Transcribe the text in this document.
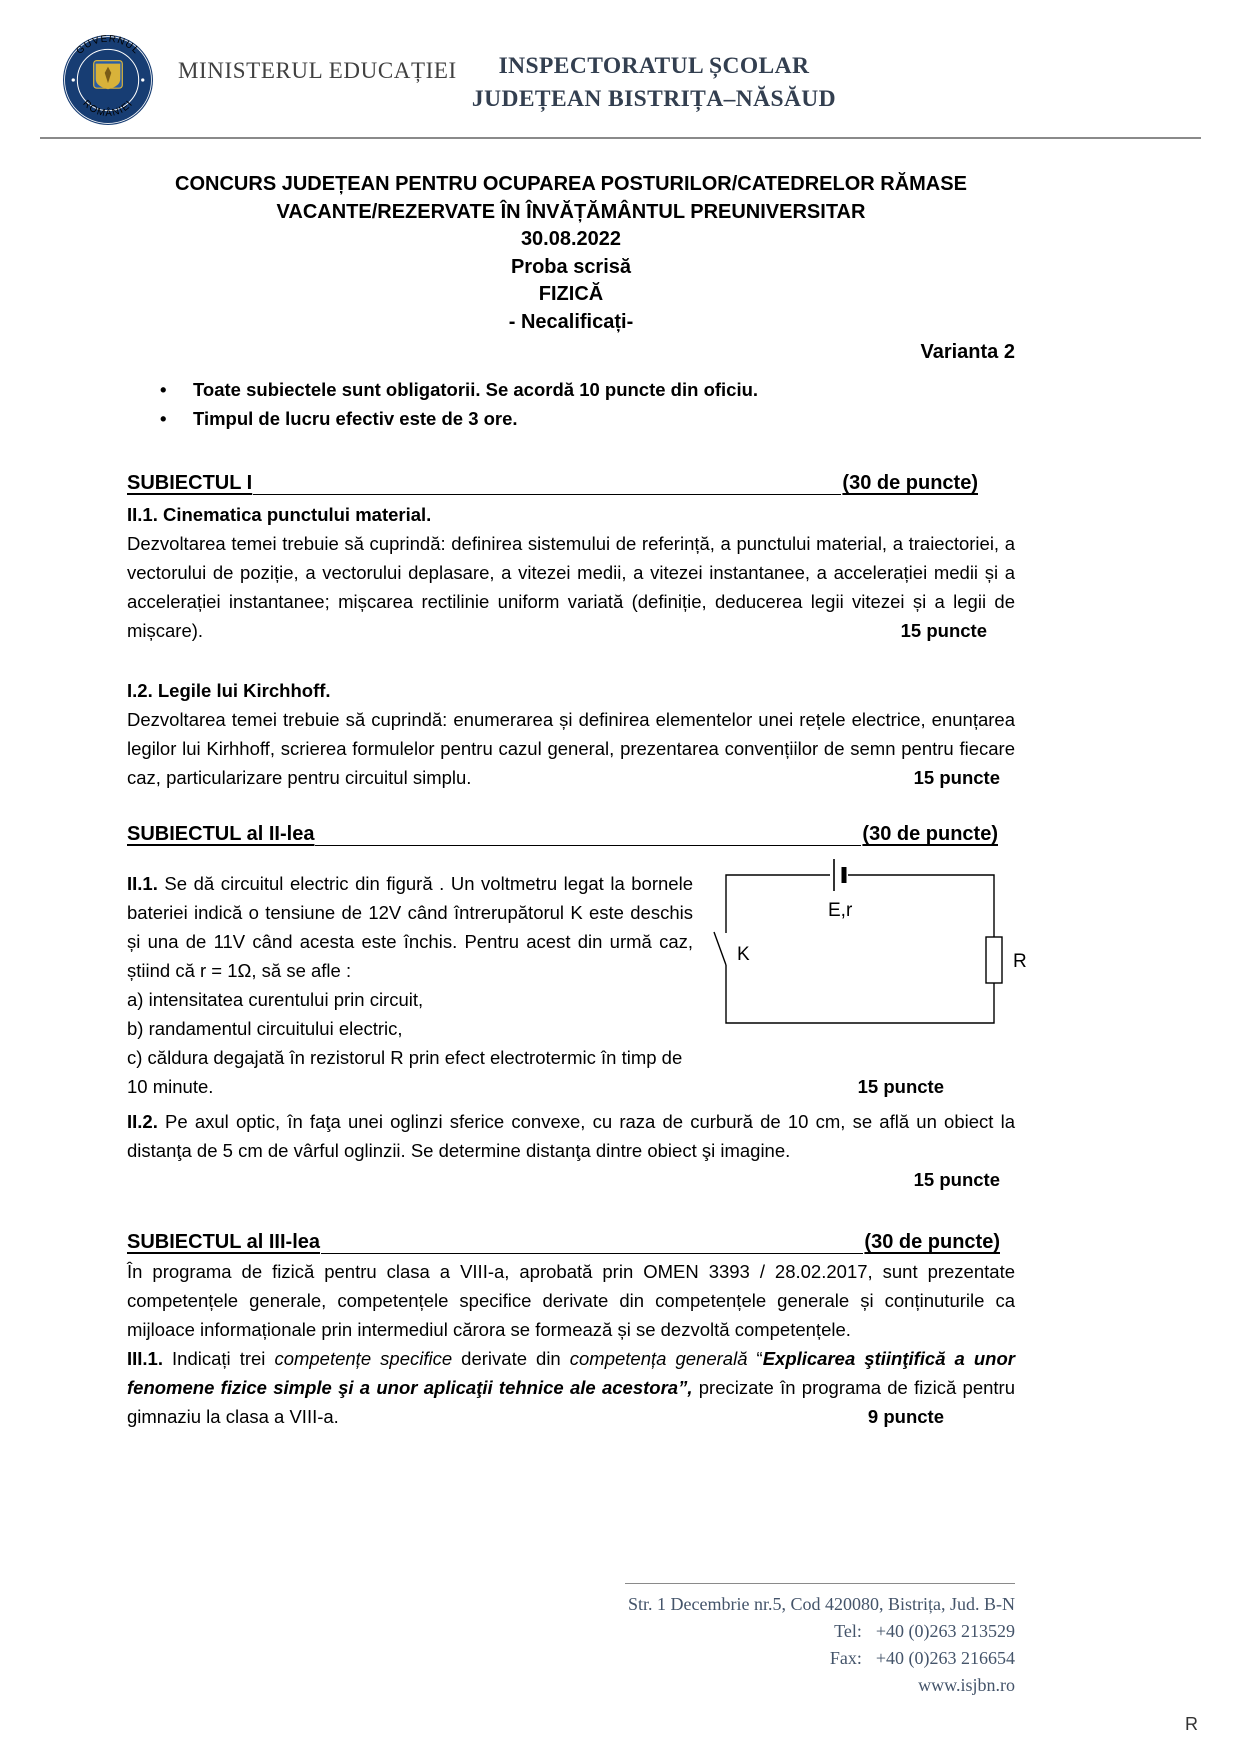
GUVERNUL
ROMÂNIEI
MINISTERUL EDUCAȚIEI	INSPECTORATUL ȘCOLAR
JUDEȚEAN BISTRIȚA–NĂSĂUD
CONCURS JUDEȚEAN PENTRU OCUPAREA POSTURILOR/CATEDRELOR RĂMASE
VACANTE/REZERVATE ÎN ÎNVĂȚĂMÂNTUL PREUNIVERSITAR
30.08.2022
Proba scrisă
FIZICĂ
- Necalificați-
Varianta 2
• Toate subiectele sunt obligatorii. Se acordă 10 puncte din oficiu.
• Timpul de lucru efectiv este de 3 ore.
SUBIECTUL I	(30 de puncte)
II.1. Cinematica punctului material.

Dezvoltarea temei trebuie să cuprindă: definirea sistemului de referință, a punctului material, a traiectoriei, a vectorului de poziție, a vectorului deplasare, a vitezei medii, a vitezei instantanee, a accelerației medii și a accelerației instantanee; mișcarea rectilinie uniform variată (definiție, deducerea legii vitezei și a legii de mișcare).	15 puncte
I.2. Legile lui Kirchhoff.

Dezvoltarea temei trebuie să cuprindă: enumerarea și definirea elementelor unei rețele electrice, enunțarea legilor lui Kirhhoff, scrierea formulelor pentru cazul general, prezentarea convențiilor de semn pentru fiecare caz, particularizare pentru circuitul simplu.	15 puncte
SUBIECTUL al II-lea	(30 de puncte)

II.1. Se dă circuitul electric din figură . Un voltmetru legat la bornele bateriei indică o tensiune de 12V când întrerupătorul K este deschis și una de 11V când acesta este închis. Pentru acest din urmă caz, știind că r = 1Ω, să se afle :

a) intensitatea curentului prin circuit,
b) randamentul circuitului electric,
c) căldura degajată în rezistorul R prin efect electrotermic în timp de 10 minute.	15 puncte
E,r
K	R

II.2. Pe axul optic, în faţa unei oglinzi sferice convexe, cu raza de curbură de 10 cm, se află un obiect la distanţa de 5 cm de vârful oglinzii. Se determine distanţa dintre obiect şi imagine.

15 puncte
SUBIECTUL al III-lea	(30 de puncte)

În programa de fizică pentru clasa a VIII-a, aprobată prin OMEN 3393 / 28.02.2017, sunt prezentate competențele generale, competențele specifice derivate din competențele generale și conținuturile ca mijloace informaționale prin intermediul cărora se formează și se dezvoltă competențele.

III.1. Indicați trei competențe specifice derivate din competența generală “Explicarea ştiinţifică a unor fenomene fizice simple şi a unor aplicaţii tehnice ale acestora”, precizate în programa de fizică pentru gimnaziu la clasa a VIII-a.	9 puncte
Str. 1 Decembrie nr.5, Cod 420080, Bistrița, Jud. B-N
Tel: +40 (0)263 213529
Fax: +40 (0)263 216654
www.isjbn.ro
R
